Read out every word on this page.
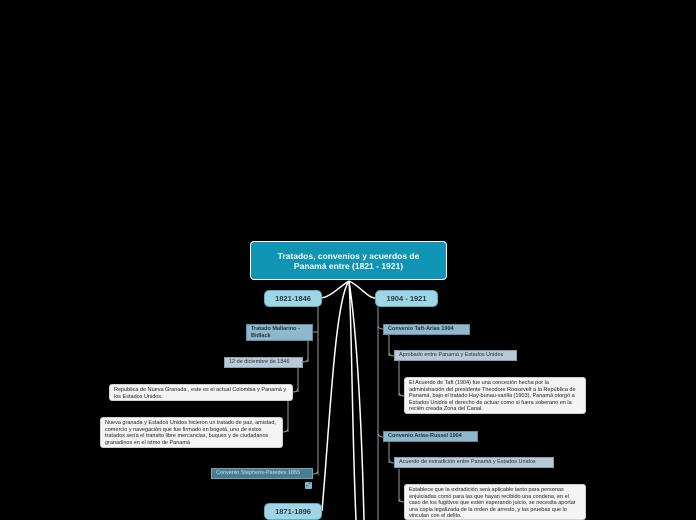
Tratados, convenios y acuerdos de Panamá entre (1821 - 1921)
1821-1846	1904 - 1921
1871-1896
Tratado Mallarino - Bidlack
12 de diciembre de 1846
Republica de Nueva Granada , este es el actual Colombia y Panamá y los Estados Unidos.
Nueva granada y Estados Unidos hicieron un tratado de paz, amistad, comercio y navegación que fue firmado en bogotá, uno de estos tratados sería el transito libre mercancias, buques y de ciudadanos granadinos en el istmo de Panamá
Convenio Stephens-Paredes 1855
⤢
Convenio Taft-Arias 1904
Aprobado entre Panamá y Estados Unidos
El Acuerdo de Taft (1904) fue una concesión hecha por la administración del presidente Theodore Roosevelt a la República de Panamá, bajo el tratado Hay-bunau-varilla (1903), Panamá otorgó a Estados Unidos el derecho de actuar como si fuera soberano en la recién creada Zona del Canal.
Convenio Arias-Russel 1904
Acuerdo de extradición entre Panamá y Estados Unidos
Establece que la extradición será aplicable tanto para personas enjuiciadas como para las que hayan recibido una condena, en el caso de los fugitivos que estén esperando juicio, se necesita aportar una copia legalizada de la orden de arresto, y las pruebas que lo vinculan con el delito.
